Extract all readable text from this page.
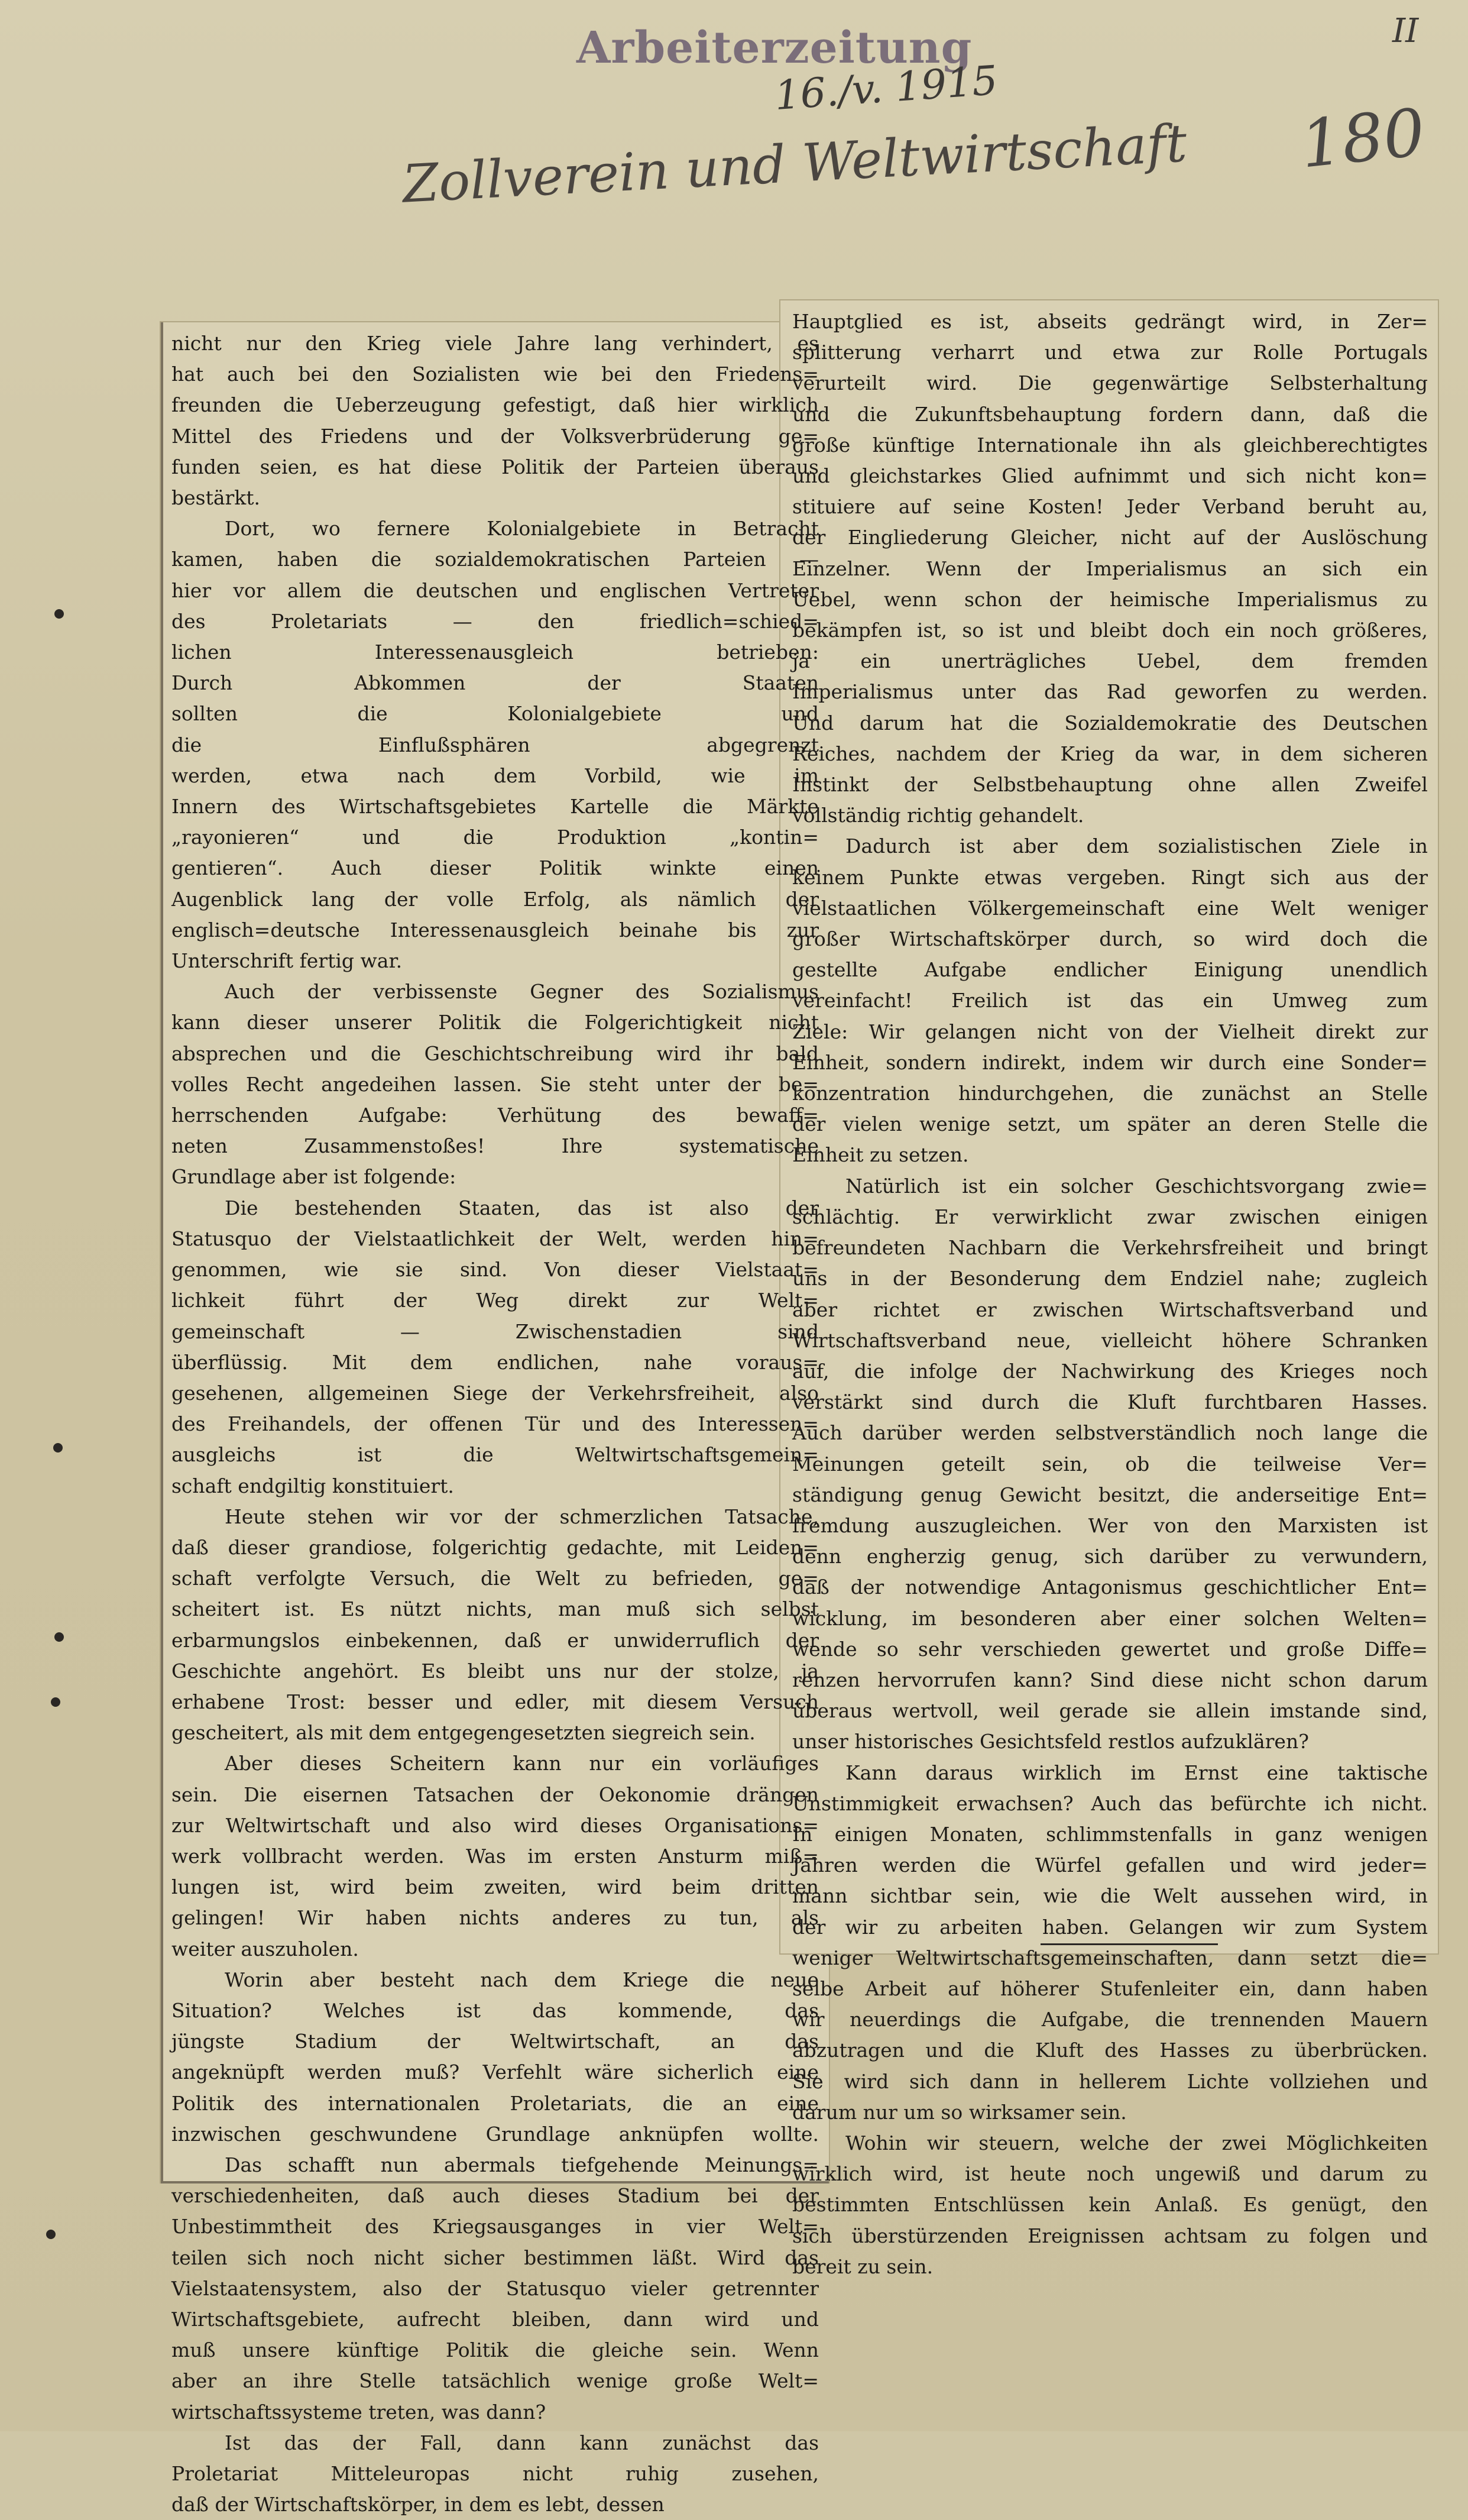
Arbeiterzeitung
16./v. 1915
II
180
Zollverein und Weltwirtschaft
nicht nur den Krieg viele Jahre lang verhindert, es
hat auch bei den Sozialisten wie bei den Friedens=
freunden die Ueberzeugung gefestigt, daß hier wirklich
Mittel des Friedens und der Volksverbrüderung ge=
funden seien, es hat diese Politik der Parteien überaus
bestärkt.
Dort, wo fernere Kolonialgebiete in Betracht
kamen, haben die sozialdemokratischen Parteien —
hier vor allem die deutschen und englischen Vertreter
des Proletariats — den friedlich=schied=
lichen Interessenausgleich betrieben:
Durch Abkommen der Staaten
sollten die Kolonialgebiete und
die Einflußsphären abgegrenzt
werden, etwa nach dem Vorbild, wie im
Innern des Wirtschaftsgebietes Kartelle die Märkte
„rayonieren“ und die Produktion „kontin=
gentieren“. Auch dieser Politik winkte einen
Augenblick lang der volle Erfolg, als nämlich der
englisch=deutsche Interessenausgleich beinahe bis zur
Unterschrift fertig war.
Auch der verbissenste Gegner des Sozialismus
kann dieser unserer Politik die Folgerichtigkeit nicht
absprechen und die Geschichtschreibung wird ihr bald
volles Recht angedeihen lassen. Sie steht unter der be=
herrschenden Aufgabe: Verhütung des bewaff=
neten Zusammenstoßes! Ihre systematische
Grundlage aber ist folgende:
Die bestehenden Staaten, das ist also der
Statusquo der Vielstaatlichkeit der Welt, werden hin=
genommen, wie sie sind. Von dieser Vielstaat=
lichkeit führt der Weg direkt zur Welt=
gemeinschaft — Zwischenstadien sind
überflüssig. Mit dem endlichen, nahe voraus=
gesehenen, allgemeinen Siege der Verkehrsfreiheit, also
des Freihandels, der offenen Tür und des Interessen=
ausgleichs ist die Weltwirtschaftsgemein=
schaft endgiltig konstituiert.
Heute stehen wir vor der schmerzlichen Tatsache,
daß dieser grandiose, folgerichtig gedachte, mit Leiden=
schaft verfolgte Versuch, die Welt zu befrieden, ge=
scheitert ist. Es nützt nichts, man muß sich selbst
erbarmungslos einbekennen, daß er unwiderruflich der
Geschichte angehört. Es bleibt uns nur der stolze, ja
erhabene Trost: besser und edler, mit diesem Versuch
gescheitert, als mit dem entgegengesetzten siegreich sein.
Aber dieses Scheitern kann nur ein vorläufiges
sein. Die eisernen Tatsachen der Oekonomie drängen
zur Weltwirtschaft und also wird dieses Organisations=
werk vollbracht werden. Was im ersten Ansturm miß=
lungen ist, wird beim zweiten, wird beim dritten
gelingen! Wir haben nichts anderes zu tun, als
weiter auszuholen.
Worin aber besteht nach dem Kriege die neue
Situation? Welches ist das kommende, das
jüngste Stadium der Weltwirtschaft, an das
angeknüpft werden muß? Verfehlt wäre sicherlich eine
Politik des internationalen Proletariats, die an eine
inzwischen geschwundene Grundlage anknüpfen wollte.
Das schafft nun abermals tiefgehende Meinungs=
verschiedenheiten, daß auch dieses Stadium bei der
Unbestimmtheit des Kriegsausganges in vier Welt=
teilen sich noch nicht sicher bestimmen läßt. Wird das
Vielstaatensystem, also der Statusquo vieler getrennter
Wirtschaftsgebiete, aufrecht bleiben, dann wird und
muß unsere künftige Politik die gleiche sein. Wenn
aber an ihre Stelle tatsächlich wenige große Welt=
wirtschaftssysteme treten, was dann?
Ist das der Fall, dann kann zunächst das
Proletariat Mitteleuropas nicht ruhig zusehen,
daß der Wirtschaftskörper, in dem es lebt, dessen
Hauptglied es ist, abseits gedrängt wird, in Zer=
splitterung verharrt und etwa zur Rolle Portugals
verurteilt wird. Die gegenwärtige Selbsterhaltung
und die Zukunftsbehauptung fordern dann, daß die
große künftige Internationale ihn als gleichberechtigtes
und gleichstarkes Glied aufnimmt und sich nicht kon=
stituiere auf seine Kosten! Jeder Verband beruht au,
der Eingliederung Gleicher, nicht auf der Auslöschung
Einzelner. Wenn der Imperialismus an sich ein
Uebel, wenn schon der heimische Imperialismus zu
bekämpfen ist, so ist und bleibt doch ein noch größeres,
ja ein unerträgliches Uebel, dem fremden
Imperialismus unter das Rad geworfen zu werden.
Und darum hat die Sozialdemokratie des Deutschen
Reiches, nachdem der Krieg da war, in dem sicheren
Instinkt der Selbstbehauptung ohne allen Zweifel
vollständig richtig gehandelt.
Dadurch ist aber dem sozialistischen Ziele in
keinem Punkte etwas vergeben. Ringt sich aus der
vielstaatlichen Völkergemeinschaft eine Welt weniger
großer Wirtschaftskörper durch, so wird doch die
gestellte Aufgabe endlicher Einigung unendlich
vereinfacht! Freilich ist das ein Umweg zum
Ziele: Wir gelangen nicht von der Vielheit direkt zur
Einheit, sondern indirekt, indem wir durch eine Sonder=
konzentration hindurchgehen, die zunächst an Stelle
der vielen wenige setzt, um später an deren Stelle die
Einheit zu setzen.
Natürlich ist ein solcher Geschichtsvorgang zwie=
schlächtig. Er verwirklicht zwar zwischen einigen
befreundeten Nachbarn die Verkehrsfreiheit und bringt
uns in der Besonderung dem Endziel nahe; zugleich
aber richtet er zwischen Wirtschaftsverband und
Wirtschaftsverband neue, vielleicht höhere Schranken
auf, die infolge der Nachwirkung des Krieges noch
verstärkt sind durch die Kluft furchtbaren Hasses.
Auch darüber werden selbstverständlich noch lange die
Meinungen geteilt sein, ob die teilweise Ver=
ständigung genug Gewicht besitzt, die anderseitige Ent=
fremdung auszugleichen. Wer von den Marxisten ist
denn engherzig genug, sich darüber zu verwundern,
daß der notwendige Antagonismus geschichtlicher Ent=
wicklung, im besonderen aber einer solchen Welten=
wende so sehr verschieden gewertet und große Diffe=
renzen hervorrufen kann? Sind diese nicht schon darum
überaus wertvoll, weil gerade sie allein imstande sind,
unser historisches Gesichtsfeld restlos aufzuklären?
Kann daraus wirklich im Ernst eine taktische
Unstimmigkeit erwachsen? Auch das befürchte ich nicht.
In einigen Monaten, schlimmstenfalls in ganz wenigen
Jahren werden die Würfel gefallen und wird jeder=
mann sichtbar sein, wie die Welt aussehen wird, in
der wir zu arbeiten haben. Gelangen wir zum System
weniger Weltwirtschaftsgemeinschaften, dann setzt die=
selbe Arbeit auf höherer Stufenleiter ein, dann haben
wir neuerdings die Aufgabe, die trennenden Mauern
abzutragen und die Kluft des Hasses zu überbrücken.
Sie wird sich dann in hellerem Lichte vollziehen und
darum nur um so wirksamer sein.
Wohin wir steuern, welche der zwei Möglichkeiten
wirklich wird, ist heute noch ungewiß und darum zu
bestimmten Entschlüssen kein Anlaß. Es genügt, den
sich überstürzenden Ereignissen achtsam zu folgen und
bereit zu sein.
